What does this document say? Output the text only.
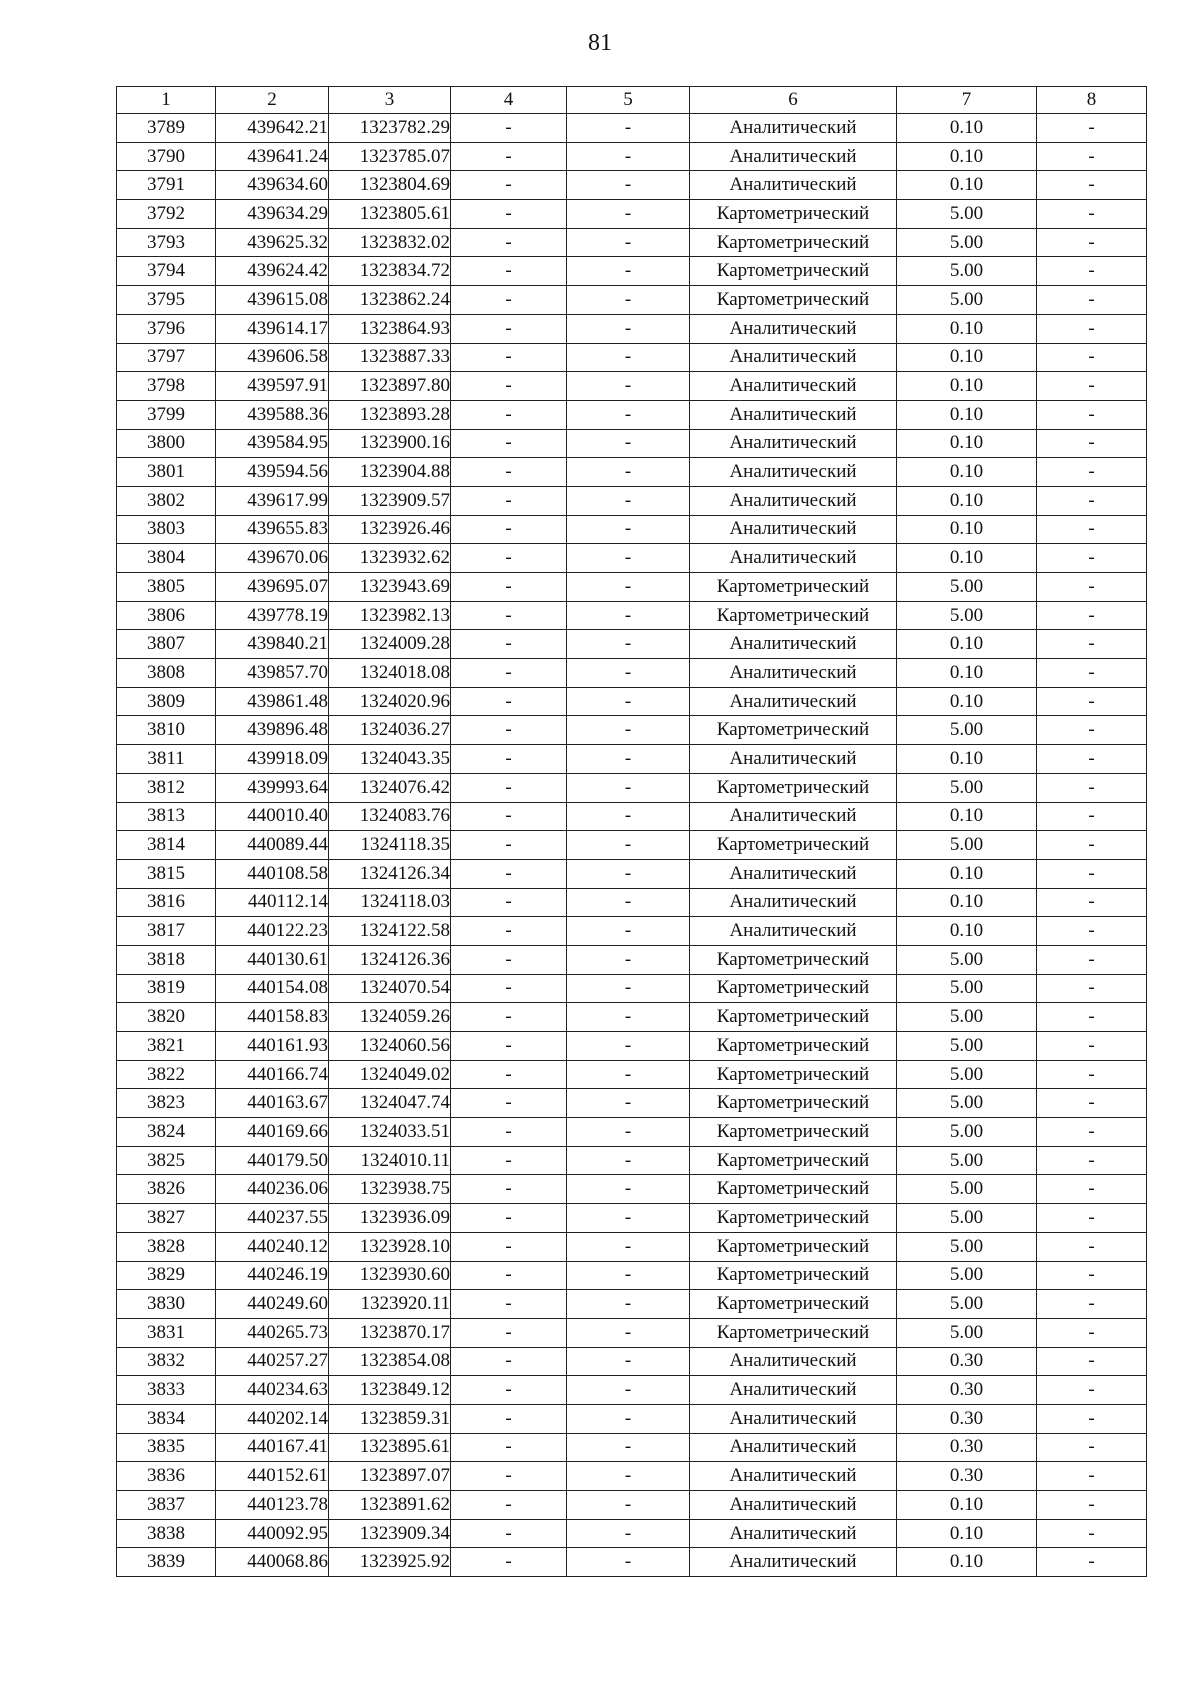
81
1	2	3	4	5	6	7	8
3789	439642.21	1323782.29	-	-	Аналитический	0.10	-
3790	439641.24	1323785.07	-	-	Аналитический	0.10	-
3791	439634.60	1323804.69	-	-	Аналитический	0.10	-
3792	439634.29	1323805.61	-	-	Картометрический	5.00	-
3793	439625.32	1323832.02	-	-	Картометрический	5.00	-
3794	439624.42	1323834.72	-	-	Картометрический	5.00	-
3795	439615.08	1323862.24	-	-	Картометрический	5.00	-
3796	439614.17	1323864.93	-	-	Аналитический	0.10	-
3797	439606.58	1323887.33	-	-	Аналитический	0.10	-
3798	439597.91	1323897.80	-	-	Аналитический	0.10	-
3799	439588.36	1323893.28	-	-	Аналитический	0.10	-
3800	439584.95	1323900.16	-	-	Аналитический	0.10	-
3801	439594.56	1323904.88	-	-	Аналитический	0.10	-
3802	439617.99	1323909.57	-	-	Аналитический	0.10	-
3803	439655.83	1323926.46	-	-	Аналитический	0.10	-
3804	439670.06	1323932.62	-	-	Аналитический	0.10	-
3805	439695.07	1323943.69	-	-	Картометрический	5.00	-
3806	439778.19	1323982.13	-	-	Картометрический	5.00	-
3807	439840.21	1324009.28	-	-	Аналитический	0.10	-
3808	439857.70	1324018.08	-	-	Аналитический	0.10	-
3809	439861.48	1324020.96	-	-	Аналитический	0.10	-
3810	439896.48	1324036.27	-	-	Картометрический	5.00	-
3811	439918.09	1324043.35	-	-	Аналитический	0.10	-
3812	439993.64	1324076.42	-	-	Картометрический	5.00	-
3813	440010.40	1324083.76	-	-	Аналитический	0.10	-
3814	440089.44	1324118.35	-	-	Картометрический	5.00	-
3815	440108.58	1324126.34	-	-	Аналитический	0.10	-
3816	440112.14	1324118.03	-	-	Аналитический	0.10	-
3817	440122.23	1324122.58	-	-	Аналитический	0.10	-
3818	440130.61	1324126.36	-	-	Картометрический	5.00	-
3819	440154.08	1324070.54	-	-	Картометрический	5.00	-
3820	440158.83	1324059.26	-	-	Картометрический	5.00	-
3821	440161.93	1324060.56	-	-	Картометрический	5.00	-
3822	440166.74	1324049.02	-	-	Картометрический	5.00	-
3823	440163.67	1324047.74	-	-	Картометрический	5.00	-
3824	440169.66	1324033.51	-	-	Картометрический	5.00	-
3825	440179.50	1324010.11	-	-	Картометрический	5.00	-
3826	440236.06	1323938.75	-	-	Картометрический	5.00	-
3827	440237.55	1323936.09	-	-	Картометрический	5.00	-
3828	440240.12	1323928.10	-	-	Картометрический	5.00	-
3829	440246.19	1323930.60	-	-	Картометрический	5.00	-
3830	440249.60	1323920.11	-	-	Картометрический	5.00	-
3831	440265.73	1323870.17	-	-	Картометрический	5.00	-
3832	440257.27	1323854.08	-	-	Аналитический	0.30	-
3833	440234.63	1323849.12	-	-	Аналитический	0.30	-
3834	440202.14	1323859.31	-	-	Аналитический	0.30	-
3835	440167.41	1323895.61	-	-	Аналитический	0.30	-
3836	440152.61	1323897.07	-	-	Аналитический	0.30	-
3837	440123.78	1323891.62	-	-	Аналитический	0.10	-
3838	440092.95	1323909.34	-	-	Аналитический	0.10	-
3839	440068.86	1323925.92	-	-	Аналитический	0.10	-
